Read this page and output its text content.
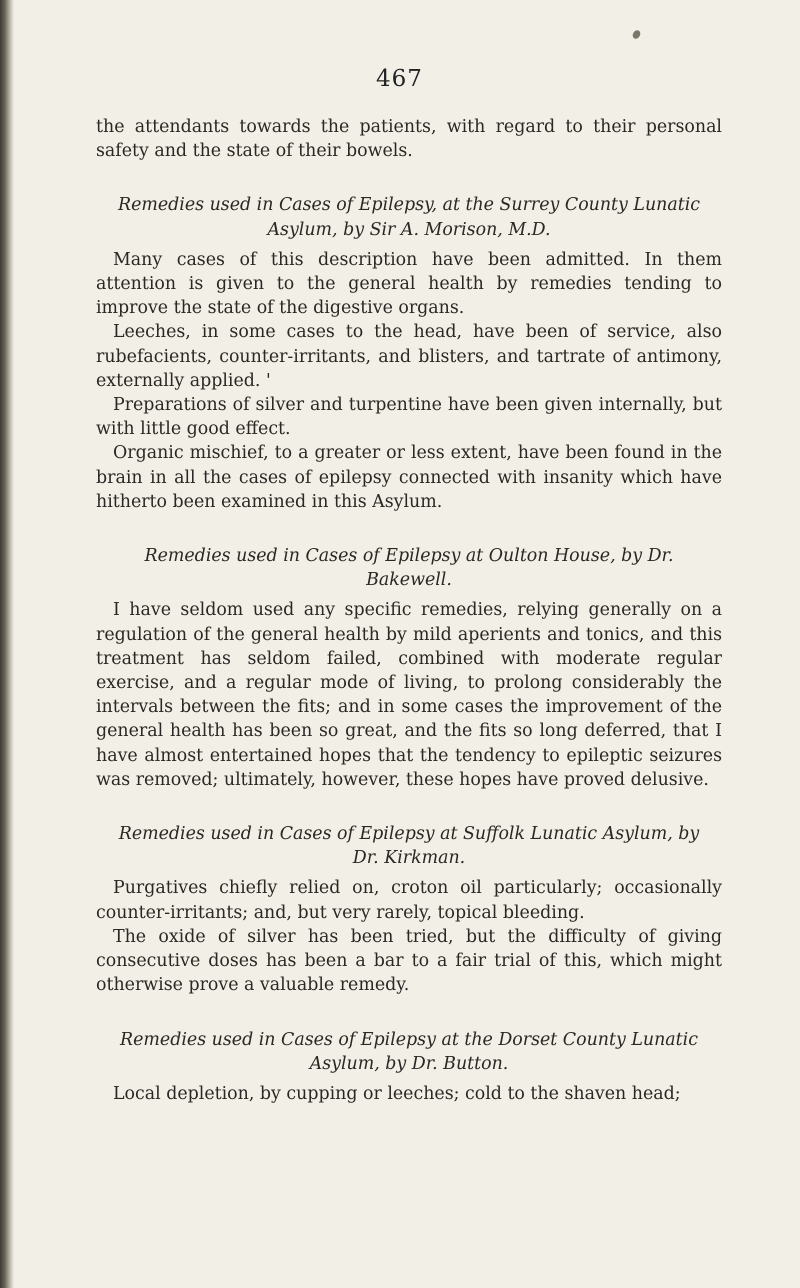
467

the attendants towards the patients, with regard to their personal safety and the state of their bowels.

Remedies used in Cases of Epilepsy, at the Surrey County Lunatic Asylum, by Sir A. Morison, M.D.

Many cases of this description have been admitted. In them attention is given to the general health by remedies tending to improve the state of the digestive organs.

Leeches, in some cases to the head, have been of service, also rubefacients, counter-irritants, and blisters, and tartrate of antimony, externally applied. '

Preparations of silver and turpentine have been given internally, but with little good effect.

Organic mischief, to a greater or less extent, have been found in the brain in all the cases of epilepsy connected with insanity which have hitherto been examined in this Asylum.

Remedies used in Cases of Epilepsy at Oulton House, by Dr. Bakewell.

I have seldom used any specific remedies, relying generally on a regulation of the general health by mild aperients and tonics, and this treatment has seldom failed, combined with moderate regular exercise, and a regular mode of living, to prolong considerably the intervals between the fits; and in some cases the improvement of the general health has been so great, and the fits so long deferred, that I have almost entertained hopes that the tendency to epileptic seizures was removed; ultimately, however, these hopes have proved delusive.

Remedies used in Cases of Epilepsy at Suffolk Lunatic Asylum, by Dr. Kirkman.

Purgatives chiefly relied on, croton oil particularly; occasionally counter-irritants; and, but very rarely, topical bleeding.

The oxide of silver has been tried, but the difficulty of giving consecutive doses has been a bar to a fair trial of this, which might otherwise prove a valuable remedy.

Remedies used in Cases of Epilepsy at the Dorset County Lunatic Asylum, by Dr. Button.

Local depletion, by cupping or leeches; cold to the shaven head;
